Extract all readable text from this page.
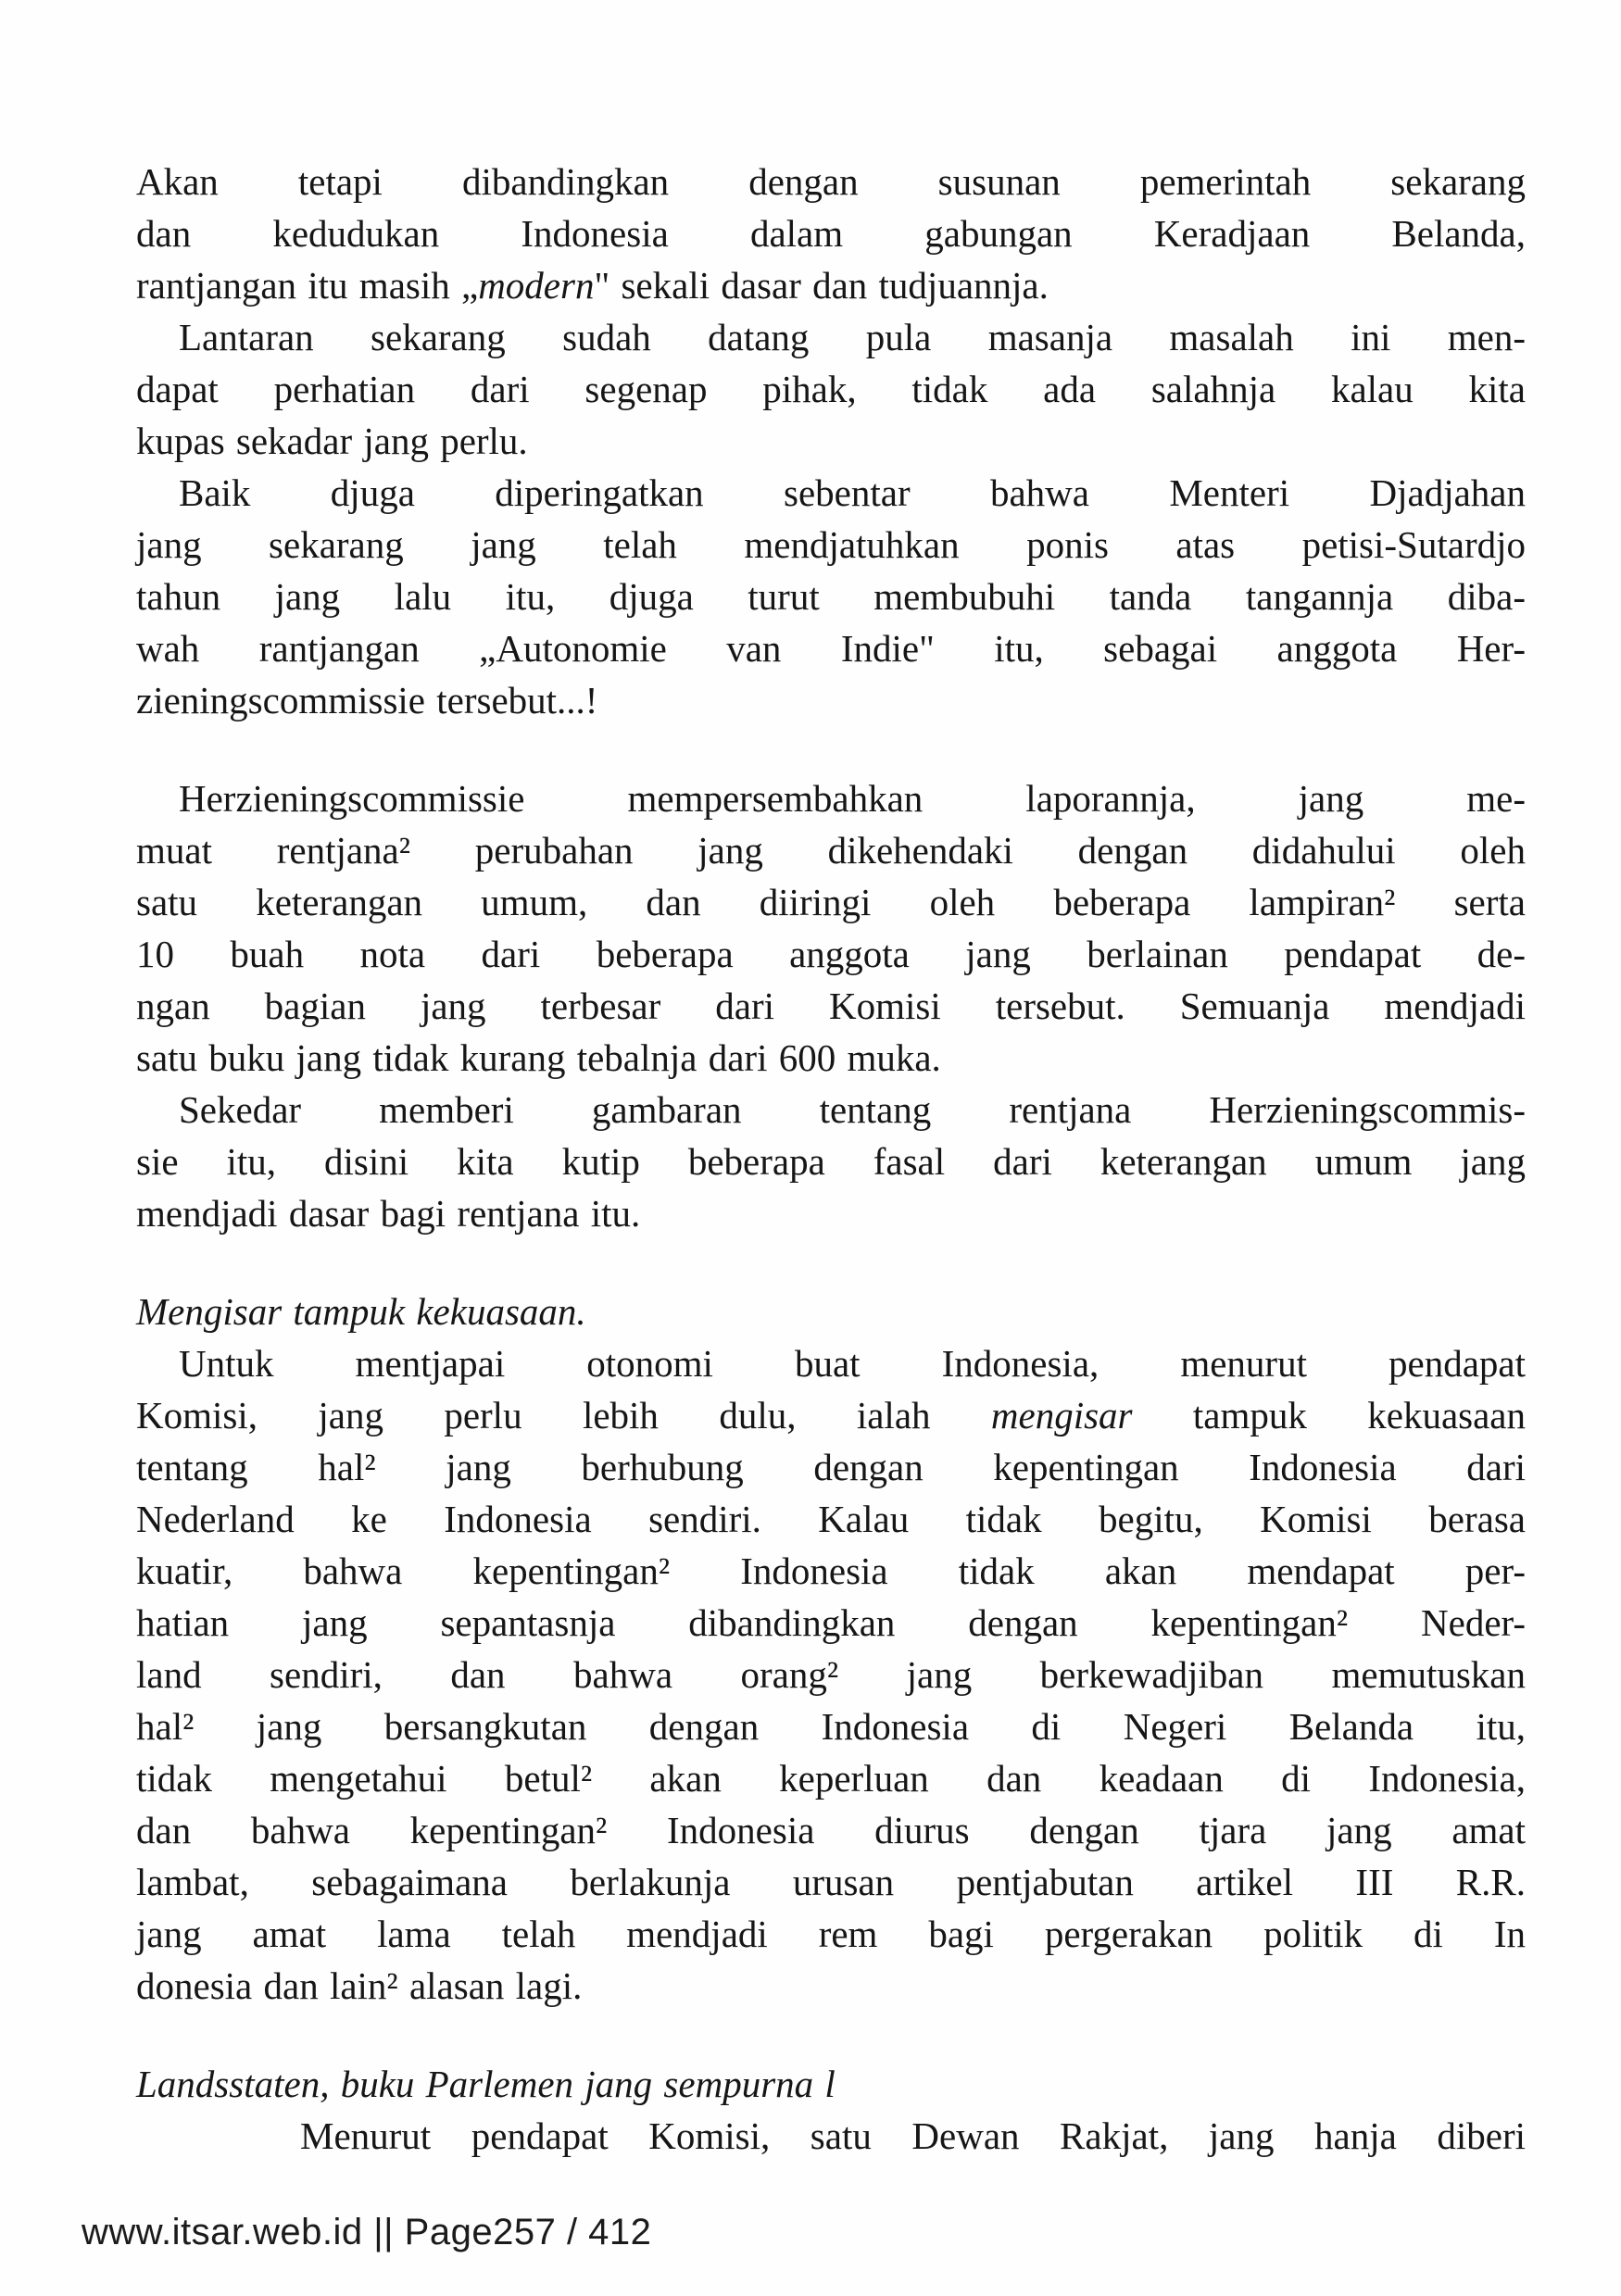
Akan tetapi dibandingkan dengan susunan pemerintah sekarang
dan kedudukan Indonesia dalam gabungan Keradjaan Belanda,
rantjangan itu masih „modern" sekali dasar dan tudjuannja.
Lantaran sekarang sudah datang pula masanja masalah ini men-
dapat perhatian dari segenap pihak, tidak ada salahnja kalau kita
kupas sekadar jang perlu.
Baik djuga diperingatkan sebentar bahwa Menteri Djadjahan
jang sekarang jang telah mendjatuhkan ponis atas petisi-Sutardjo
tahun jang lalu itu, djuga turut membubuhi tanda tangannja diba-
wah rantjangan „Autonomie van Indie" itu, sebagai anggota Her-
zieningscommissie tersebut...!
Herzieningscommissie mempersembahkan laporannja, jang me-
muat rentjana² perubahan jang dikehendaki dengan didahului oleh
satu keterangan umum, dan diiringi oleh beberapa lampiran² serta
10 buah nota dari beberapa anggota jang berlainan pendapat de-
ngan bagian jang terbesar dari Komisi tersebut. Semuanja mendjadi
satu buku jang tidak kurang tebalnja dari 600 muka.
Sekedar memberi gambaran tentang rentjana Herzieningscommis-
sie itu, disini kita kutip beberapa fasal dari keterangan umum jang
mendjadi dasar bagi rentjana itu.
Mengisar tampuk kekuasaan.
Untuk mentjapai otonomi buat Indonesia, menurut pendapat
Komisi, jang perlu lebih dulu, ialah mengisar tampuk kekuasaan
tentang hal² jang berhubung dengan kepentingan Indonesia dari
Nederland ke Indonesia sendiri. Kalau tidak begitu, Komisi berasa
kuatir, bahwa kepentingan² Indonesia tidak akan mendapat per-
hatian jang sepantasnja dibandingkan dengan kepentingan² Neder-
land sendiri, dan bahwa orang² jang berkewadjiban memutuskan
hal² jang bersangkutan dengan Indonesia di Negeri Belanda itu,
tidak mengetahui betul² akan keperluan dan keadaan di Indonesia,
dan bahwa kepentingan² Indonesia diurus dengan tjara jang amat
lambat, sebagaimana berlakunja urusan pentjabutan artikel III R.R.
jang amat lama telah mendjadi rem bagi pergerakan politik di In
donesia dan lain² alasan lagi.
Landsstaten, buku Parlemen jang sempurna l
Menurut pendapat Komisi, satu Dewan Rakjat, jang hanja diberi
www.itsar.web.id || Page257 / 412
